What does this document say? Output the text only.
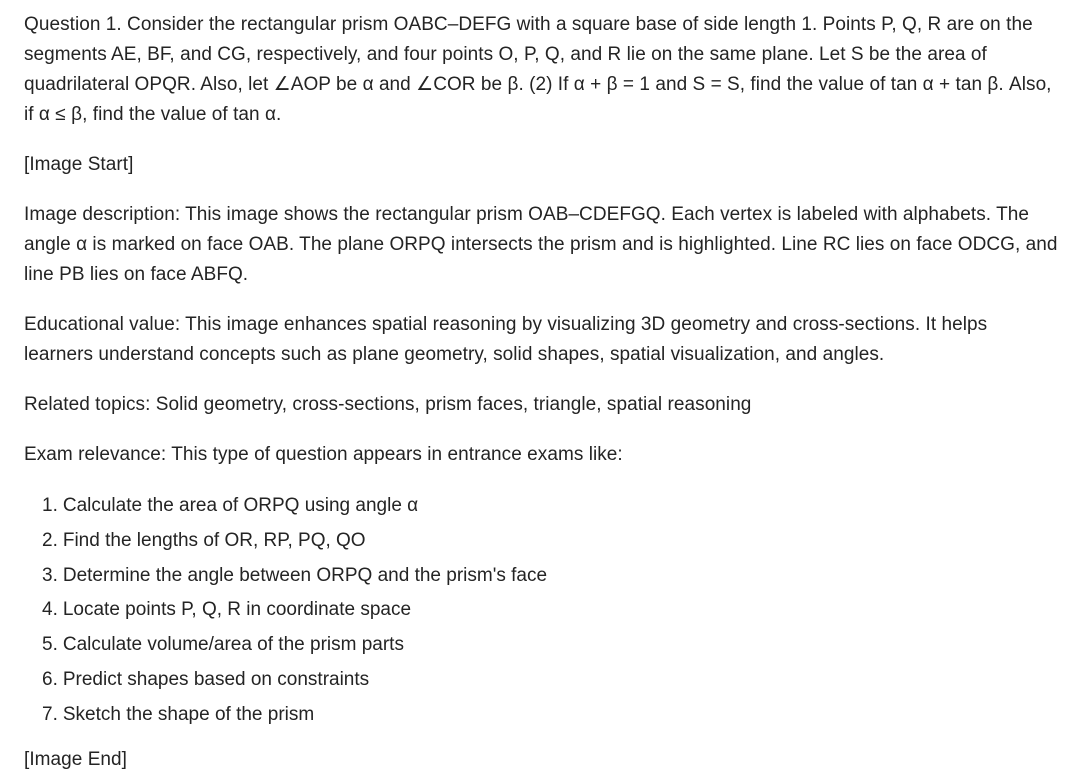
Question 1. Consider the rectangular prism OABC–DEFG with a square base of side length 1. Points P, Q, R are on the segments AE, BF, and CG, respectively, and four points O, P, Q, and R lie on the same plane. Let S be the area of quadrilateral OPQR. Also, let ∠AOP be α and ∠COR be β. (2) If α + β = 1 and S = S, find the value of tan α + tan β. Also, if α ≤ β, find the value of tan α.

[Image Start]

Image description: This image shows the rectangular prism OAB–CDEFGQ. Each vertex is labeled with alphabets. The angle α is marked on face OAB. The plane ORPQ intersects the prism and is highlighted. Line RC lies on face ODCG, and line PB lies on face ABFQ.

Educational value: This image enhances spatial reasoning by visualizing 3D geometry and cross-sections. It helps learners understand concepts such as plane geometry, solid shapes, spatial visualization, and angles.

Related topics: Solid geometry, cross-sections, prism faces, triangle, spatial reasoning

Exam relevance: This type of question appears in entrance exams like:

1. Calculate the area of ORPQ using angle α
2. Find the lengths of OR, RP, PQ, QO
3. Determine the angle between ORPQ and the prism's face
4. Locate points P, Q, R in coordinate space
5. Calculate volume/area of the prism parts
6. Predict shapes based on constraints
7. Sketch the shape of the prism

[Image End]
